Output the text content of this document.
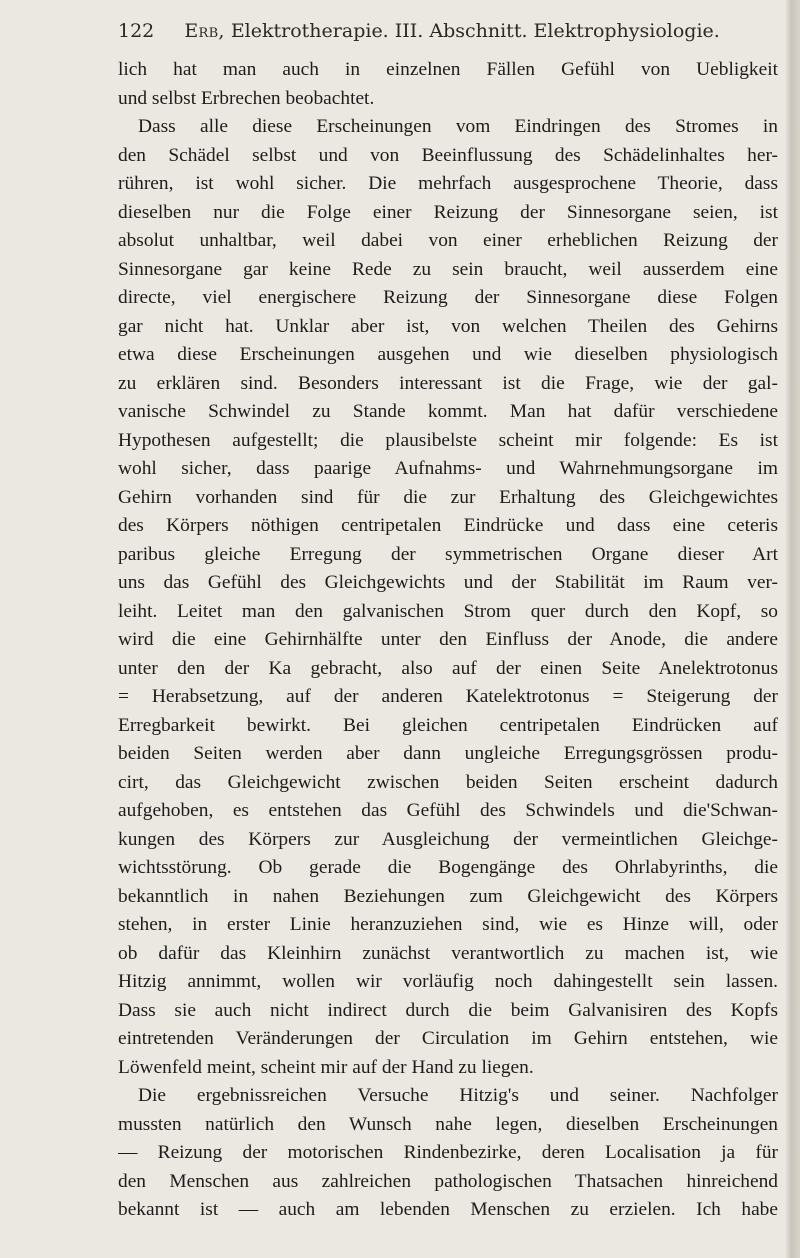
122 Erb, Elektrotherapie. III. Abschnitt. Elektrophysiologie.
lich hat man auch in einzelnen Fällen Gefühl von Uebligkeit
und selbst Erbrechen beobachtet.
Dass alle diese Erscheinungen vom Eindringen des Stromes in
den Schädel selbst und von Beeinflussung des Schädelinhaltes her-
rühren, ist wohl sicher. Die mehrfach ausgesprochene Theorie, dass
dieselben nur die Folge einer Reizung der Sinnesorgane seien, ist
absolut unhaltbar, weil dabei von einer erheblichen Reizung der
Sinnesorgane gar keine Rede zu sein braucht, weil ausserdem eine
directe, viel energischere Reizung der Sinnesorgane diese Folgen
gar nicht hat. Unklar aber ist, von welchen Theilen des Gehirns
etwa diese Erscheinungen ausgehen und wie dieselben physiologisch
zu erklären sind. Besonders interessant ist die Frage, wie der gal-
vanische Schwindel zu Stande kommt. Man hat dafür verschiedene
Hypothesen aufgestellt; die plausibelste scheint mir folgende: Es ist
wohl sicher, dass paarige Aufnahms- und Wahrnehmungsorgane im
Gehirn vorhanden sind für die zur Erhaltung des Gleichgewichtes
des Körpers nöthigen centripetalen Eindrücke und dass eine ceteris
paribus gleiche Erregung der symmetrischen Organe dieser Art
uns das Gefühl des Gleichgewichts und der Stabilität im Raum ver-
leiht. Leitet man den galvanischen Strom quer durch den Kopf, so
wird die eine Gehirnhälfte unter den Einfluss der Anode, die andere
unter den der Ka gebracht, also auf der einen Seite Anelektrotonus
= Herabsetzung, auf der anderen Katelektrotonus = Steigerung der
Erregbarkeit bewirkt. Bei gleichen centripetalen Eindrücken auf
beiden Seiten werden aber dann ungleiche Erregungsgrössen produ-
cirt, das Gleichgewicht zwischen beiden Seiten erscheint dadurch
aufgehoben, es entstehen das Gefühl des Schwindels und die'Schwan-
kungen des Körpers zur Ausgleichung der vermeintlichen Gleichge-
wichtsstörung. Ob gerade die Bogengänge des Ohrlabyrinths, die
bekanntlich in nahen Beziehungen zum Gleichgewicht des Körpers
stehen, in erster Linie heranzuziehen sind, wie es Hinze will, oder
ob dafür das Kleinhirn zunächst verantwortlich zu machen ist, wie
Hitzig annimmt, wollen wir vorläufig noch dahingestellt sein lassen.
Dass sie auch nicht indirect durch die beim Galvanisiren des Kopfs
eintretenden Veränderungen der Circulation im Gehirn entstehen, wie
Löwenfeld meint, scheint mir auf der Hand zu liegen.
Die ergebnissreichen Versuche Hitzig's und seiner. Nachfolger
mussten natürlich den Wunsch nahe legen, dieselben Erscheinungen
— Reizung der motorischen Rindenbezirke, deren Localisation ja für
den Menschen aus zahlreichen pathologischen Thatsachen hinreichend
bekannt ist — auch am lebenden Menschen zu erzielen. Ich habe
